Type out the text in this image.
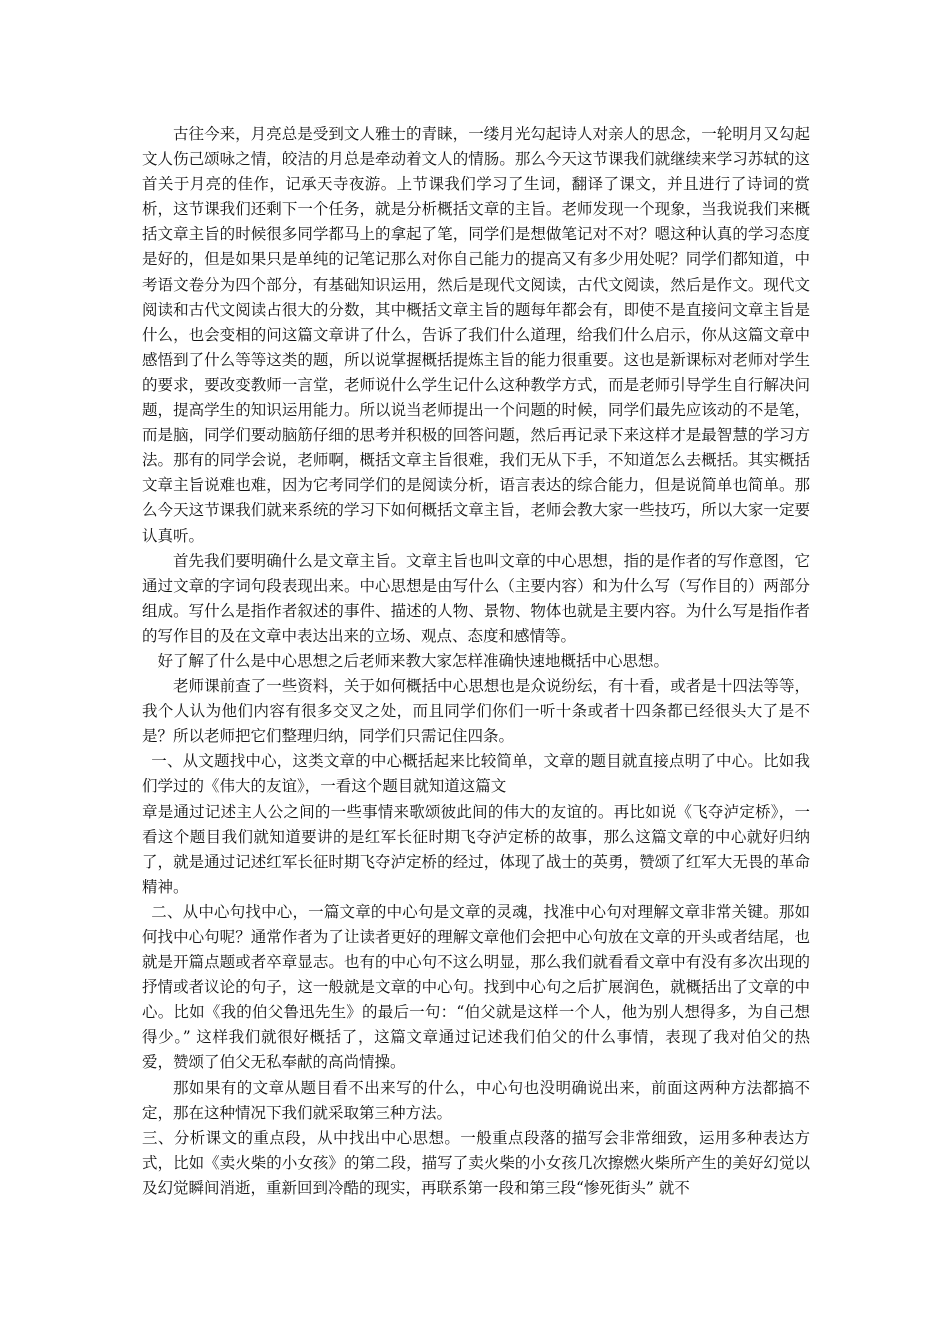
古往今来，月亮总是受到文人雅士的青睐，一缕月光勾起诗人对亲人的思念，一轮明月又勾起文人伤己颂咏之情，皎洁的月总是牵动着文人的情肠。那么今天这节课我们就继续来学习苏轼的这首关于月亮的佳作，记承天寺夜游。上节课我们学习了生词，翻译了课文，并且进行了诗词的赏析，这节课我们还剩下一个任务，就是分析概括文章的主旨。老师发现一个现象，当我说我们来概括文章主旨的时候很多同学都马上的拿起了笔，同学们是想做笔记对不对？嗯这种认真的学习态度是好的，但是如果只是单纯的记笔记那么对你自己能力的提高又有多少用处呢？同学们都知道，中考语文卷分为四个部分，有基础知识运用，然后是现代文阅读，古代文阅读，然后是作文。现代文阅读和古代文阅读占很大的分数，其中概括文章主旨的题每年都会有，即使不是直接问文章主旨是什么，也会变相的问这篇文章讲了什么，告诉了我们什么道理，给我们什么启示，你从这篇文章中感悟到了什么等等这类的题，所以说掌握概括提炼主旨的能力很重要。这也是新课标对老师对学生的要求，要改变教师一言堂，老师说什么学生记什么这种教学方式，而是老师引导学生自行解决问题，提高学生的知识运用能力。所以说当老师提出一个问题的时候，同学们最先应该动的不是笔，而是脑，同学们要动脑筋仔细的思考并积极的回答问题，然后再记录下来这样才是最智慧的学习方法。那有的同学会说，老师啊，概括文章主旨很难，我们无从下手，不知道怎么去概括。其实概括文章主旨说难也难，因为它考同学们的是阅读分析，语言表达的综合能力，但是说简单也简单。那么今天这节课我们就来系统的学习下如何概括文章主旨，老师会教大家一些技巧，所以大家一定要认真听。

首先我们要明确什么是文章主旨。文章主旨也叫文章的中心思想，指的是作者的写作意图，它通过文章的字词句段表现出来。中心思想是由写什么（主要内容）和为什么写（写作目的）两部分组成。写什么是指作者叙述的事件、描述的人物、景物、物体也就是主要内容。为什么写是指作者的写作目的及在文章中表达出来的立场、观点、态度和感情等。

好了解了什么是中心思想之后老师来教大家怎样准确快速地概括中心思想。

老师课前查了一些资料，关于如何概括中心思想也是众说纷纭，有十看，或者是十四法等等，我个人认为他们内容有很多交叉之处，而且同学们你们一听十条或者十四条都已经很头大了是不是？所以老师把它们整理归纳，同学们只需记住四条。

一、从文题找中心，这类文章的中心概括起来比较简单，文章的题目就直接点明了中心。比如我们学过的《伟大的友谊》，一看这个题目就知道这篇文

章是通过记述主人公之间的一些事情来歌颂彼此间的伟大的友谊的。再比如说《飞夺泸定桥》，一看这个题目我们就知道要讲的是红军长征时期飞夺泸定桥的故事，那么这篇文章的中心就好归纳了，就是通过记述红军长征时期飞夺泸定桥的经过，体现了战士的英勇，赞颂了红军大无畏的革命精神。

二、从中心句找中心，一篇文章的中心句是文章的灵魂，找准中心句对理解文章非常关键。那如何找中心句呢？通常作者为了让读者更好的理解文章他们会把中心句放在文章的开头或者结尾，也就是开篇点题或者卒章显志。也有的中心句不这么明显，那么我们就看看文章中有没有多次出现的抒情或者议论的句子，这一般就是文章的中心句。找到中心句之后扩展润色，就概括出了文章的中心。比如《我的伯父鲁迅先生》的最后一句：“伯父就是这样一个人，他为别人想得多，为自己想得少。” 这样我们就很好概括了，这篇文章通过记述我们伯父的什么事情，表现了我对伯父的热爱，赞颂了伯父无私奉献的高尚情操。

那如果有的文章从题目看不出来写的什么，中心句也没明确说出来，前面这两种方法都搞不定，那在这种情况下我们就采取第三种方法。

三、分析课文的重点段，从中找出中心思想。一般重点段落的描写会非常细致，运用多种表达方式，比如《卖火柴的小女孩》的第二段，描写了卖火柴的小女孩几次擦燃火柴所产生的美好幻觉以及幻觉瞬间消逝，重新回到冷酷的现实，再联系第一段和第三段“惨死街头” 就不
